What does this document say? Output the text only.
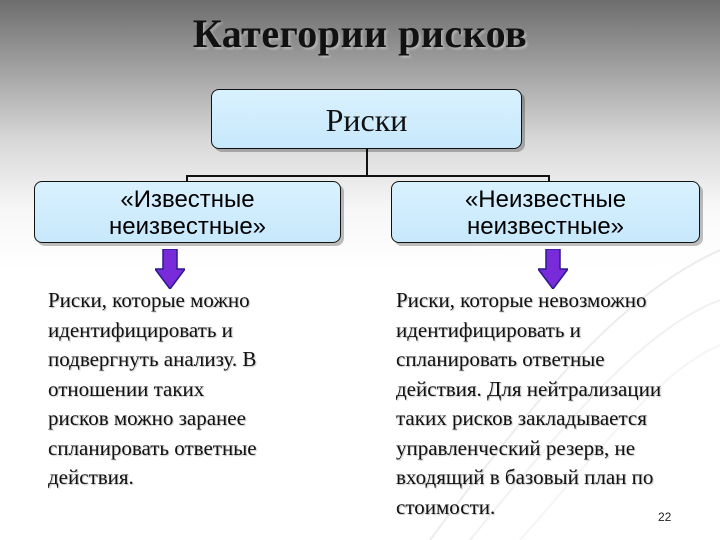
Категории рисков
Риски
«Известные
неизвестные»
«Неизвестные
неизвестные»
Риски, которые можно
идентифицировать и
подвергнуть анализу. В
отношении таких
рисков можно заранее
спланировать ответные
действия.
Риски, которые невозможно
идентифицировать и
спланировать ответные
действия. Для нейтрализации
таких рисков закладывается
управленческий резерв, не
входящий в базовый план по
стоимости.	22
